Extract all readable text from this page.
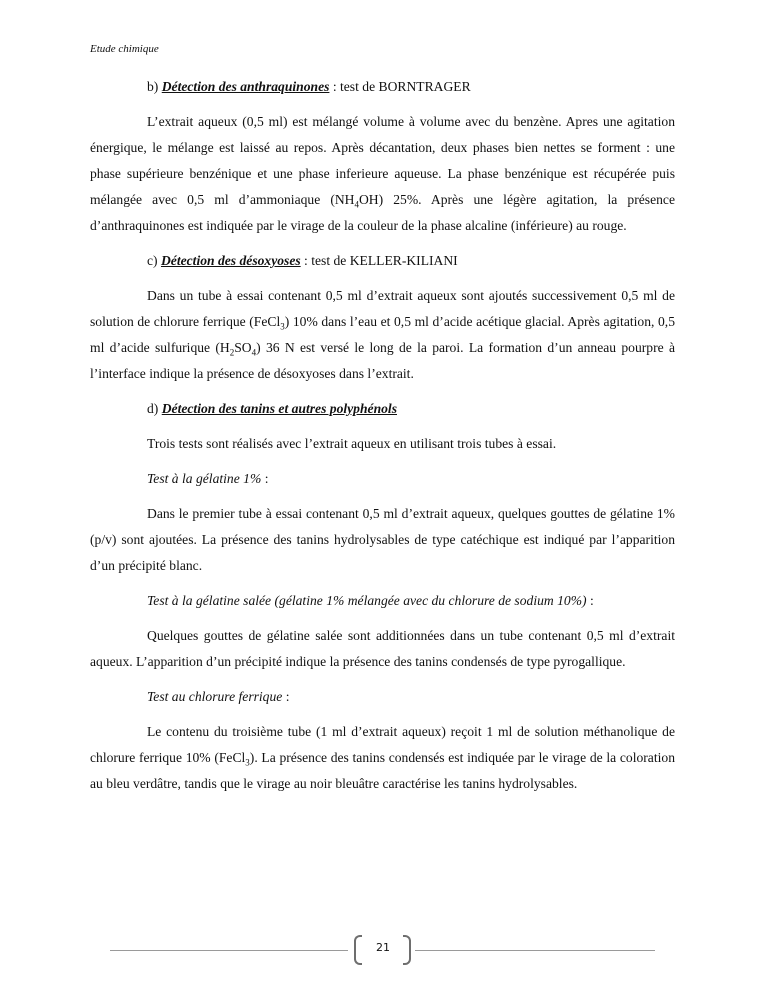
Etude chimique

b) Détection des anthraquinones : test de BORNTRAGER

L’extrait aqueux (0,5 ml) est mélangé volume à volume avec du benzène. Apres une agitation énergique, le mélange est laissé au repos. Après décantation, deux phases bien nettes se forment : une phase supérieure benzénique et une phase inferieure aqueuse. La phase benzénique est récupérée puis mélangée avec 0,5 ml d’ammoniaque $(NH_4OH)$ 25%. Après une légère agitation, la présence d’anthraquinones est indiquée par le virage de la couleur de la phase alcaline (inférieure) au rouge.

c) Détection des désoxyoses : test de KELLER-KILIANI

Dans un tube à essai contenant 0,5 ml d’extrait aqueux sont ajoutés successivement 0,5 ml de solution de chlorure ferrique (FeCl$_3$) 10% dans l’eau et 0,5 ml d’acide acétique glacial. Après agitation, 0,5 ml d’acide sulfurique $(H_2SO_4)$ 36 N est versé le long de la paroi. La formation d’un anneau pourpre à l’interface indique la présence de désoxyoses dans l’extrait.

d) Détection des tanins et autres polyphénols

Trois tests sont réalisés avec l’extrait aqueux en utilisant trois tubes à essai.

Test à la gélatine 1% :

Dans le premier tube à essai contenant 0,5 ml d’extrait aqueux, quelques gouttes de gélatine 1% (p/v) sont ajoutées. La présence des tanins hydrolysables de type catéchique est indiqué par l’apparition d’un précipité blanc.

Test à la gélatine salée (gélatine 1% mélangée avec du chlorure de sodium 10%) :

Quelques gouttes de gélatine salée sont additionnées dans un tube contenant 0,5 ml d’extrait aqueux. L’apparition d’un précipité indique la présence des tanins condensés de type pyrogallique.

Test au chlorure ferrique :

Le contenu du troisième tube (1 ml d’extrait aqueux) reçoit 1 ml de solution méthanolique de chlorure ferrique 10% (FeCl$_3$). La présence des tanins condensés est indiquée par le virage de la coloration au bleu verdâtre, tandis que le virage au noir bleuâtre caractérise les tanins hydrolysables.

21
